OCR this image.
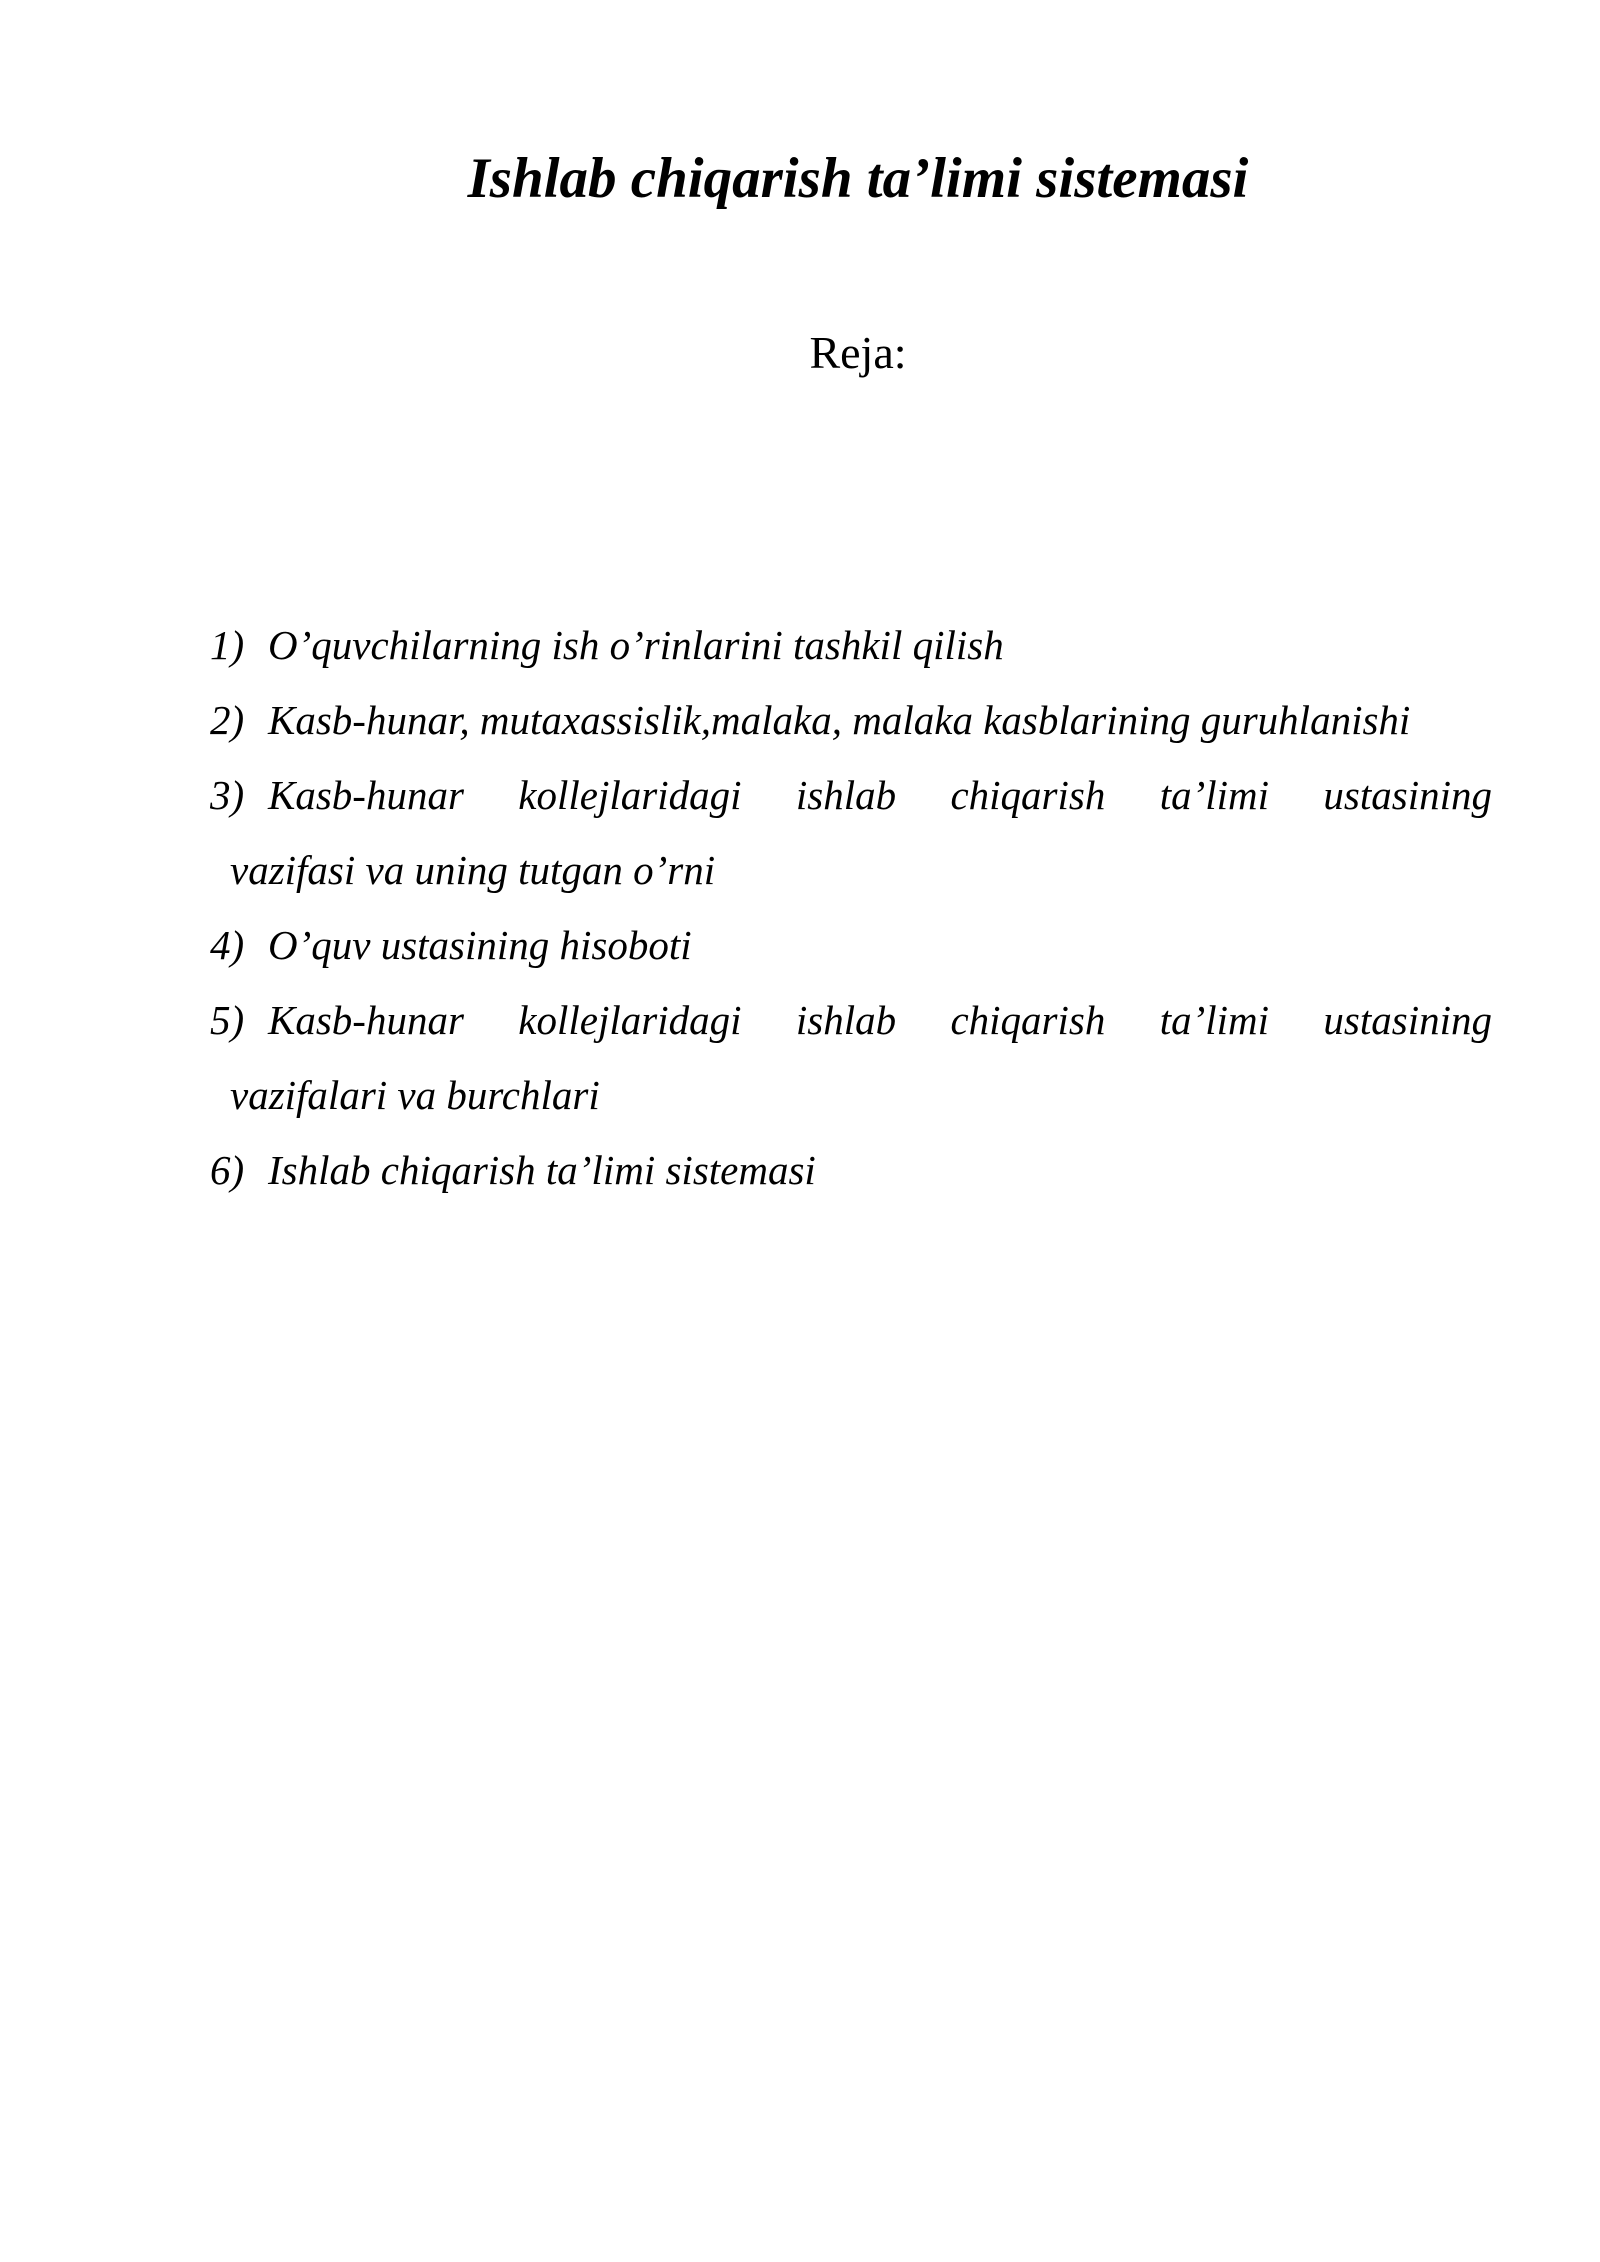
Ishlab chiqarish ta’limi sistemasi
Reja:
1) O’quvchilarning ish o’rinlarini tashkil qilish
2) Kasb-hunar, mutaxassislik,malaka, malaka kasblarining guruhlanishi
3) Kasb-hunar kollejlaridagi ishlab chiqarish ta’limi ustasining
vazifasi va uning tutgan o’rni
4) O’quv ustasining hisoboti
5) Kasb-hunar kollejlaridagi ishlab chiqarish ta’limi ustasining
vazifalari va burchlari
6) Ishlab chiqarish ta’limi sistemasi
